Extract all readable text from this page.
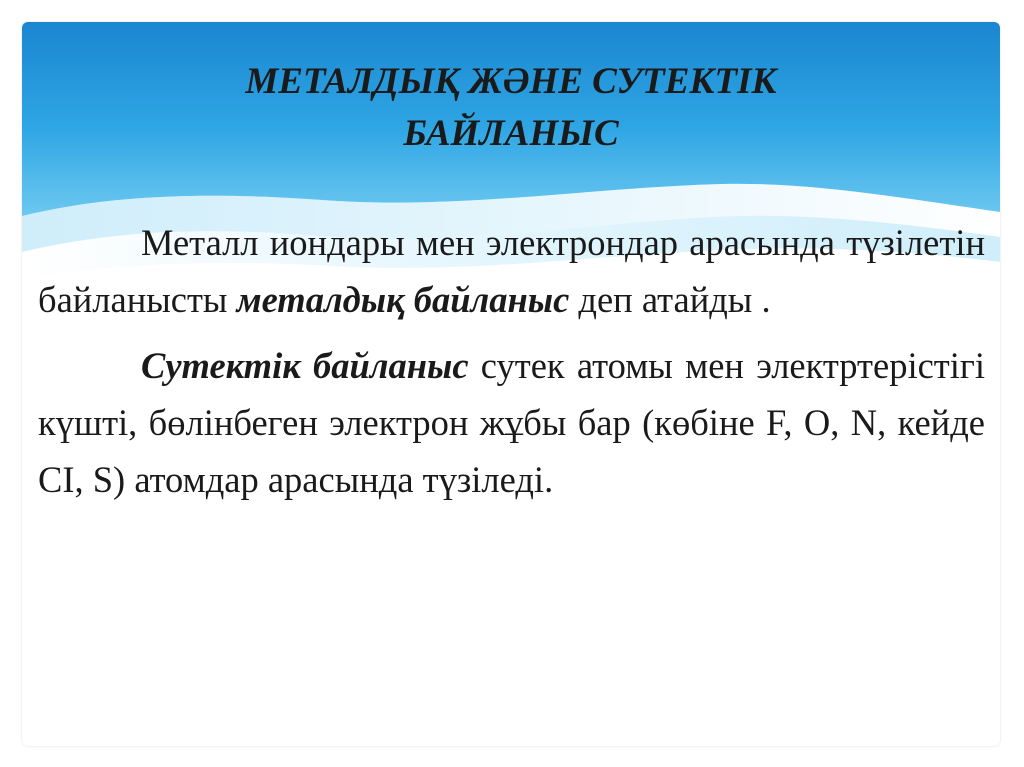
МЕТАЛДЫҚ ЖӘНЕ СУТЕКТІК
БАЙЛАНЫС

Металл иондары мен электрондар арасында түзілетін байланысты металдық байланыс деп атайды .

Сутектік байланыс сутек атомы мен электртерістігі күшті, бөлінбеген электрон жұбы бар (көбіне F, O, N, кейде CI, S) атомдар арасында түзіледі.
